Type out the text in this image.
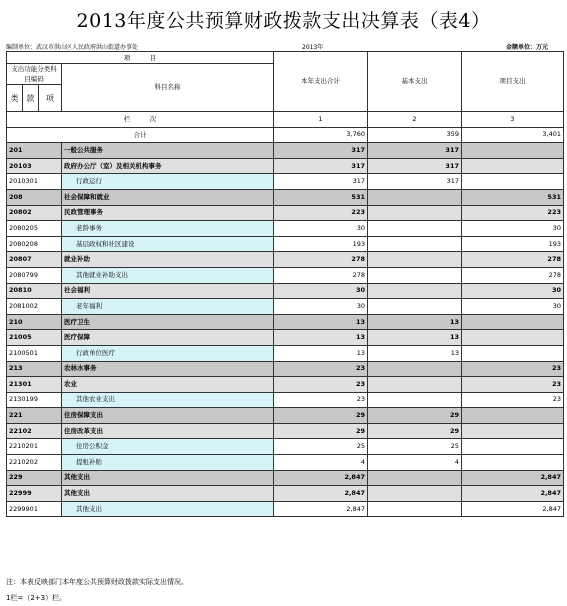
2013年度公共预算财政拨款支出决算表（表4）
编制单位：武汉市洪山区人民政府洪山街道办事处	2013年	金额单位：万元
项　　　目				本年支出合计	基本支出	项目支出
支出功能分类科目编码			科目名称			
类	款	项				
栏　　　次				1	2	3
合计				3,760	359	3,401
201			一般公共服务	317	317	
20103			政府办公厅（室）及相关机构事务	317	317	
2010301			行政运行	317	317	
208			社会保障和就业	531		531
20802			民政管理事务	223		223
2080205			老龄事务	30		30
2080208			基层政权和社区建设	193		193
20807			就业补助	278		278
2080799			其他就业补助支出	278		278
20810			社会福利	30		30
2081002			老年福利	30		30
210			医疗卫生	13	13	
21005			医疗保障	13	13	
2100501			行政单位医疗	13	13	
213			农林水事务	23		23
21301			农业	23		23
2130199			其他农业支出	23		23
221			住房保障支出	29	29	
22102			住房改革支出	29	29	
2210201			住房公积金	25	25	
2210202			提租补贴	4	4	
229			其他支出	2,847		2,847
22999			其他支出	2,847		2,847
2299901			其他支出	2,847		2,847
注：本表反映部门本年度公共预算财政拨款实际支出情况。
1栏=（2+3）栏。
